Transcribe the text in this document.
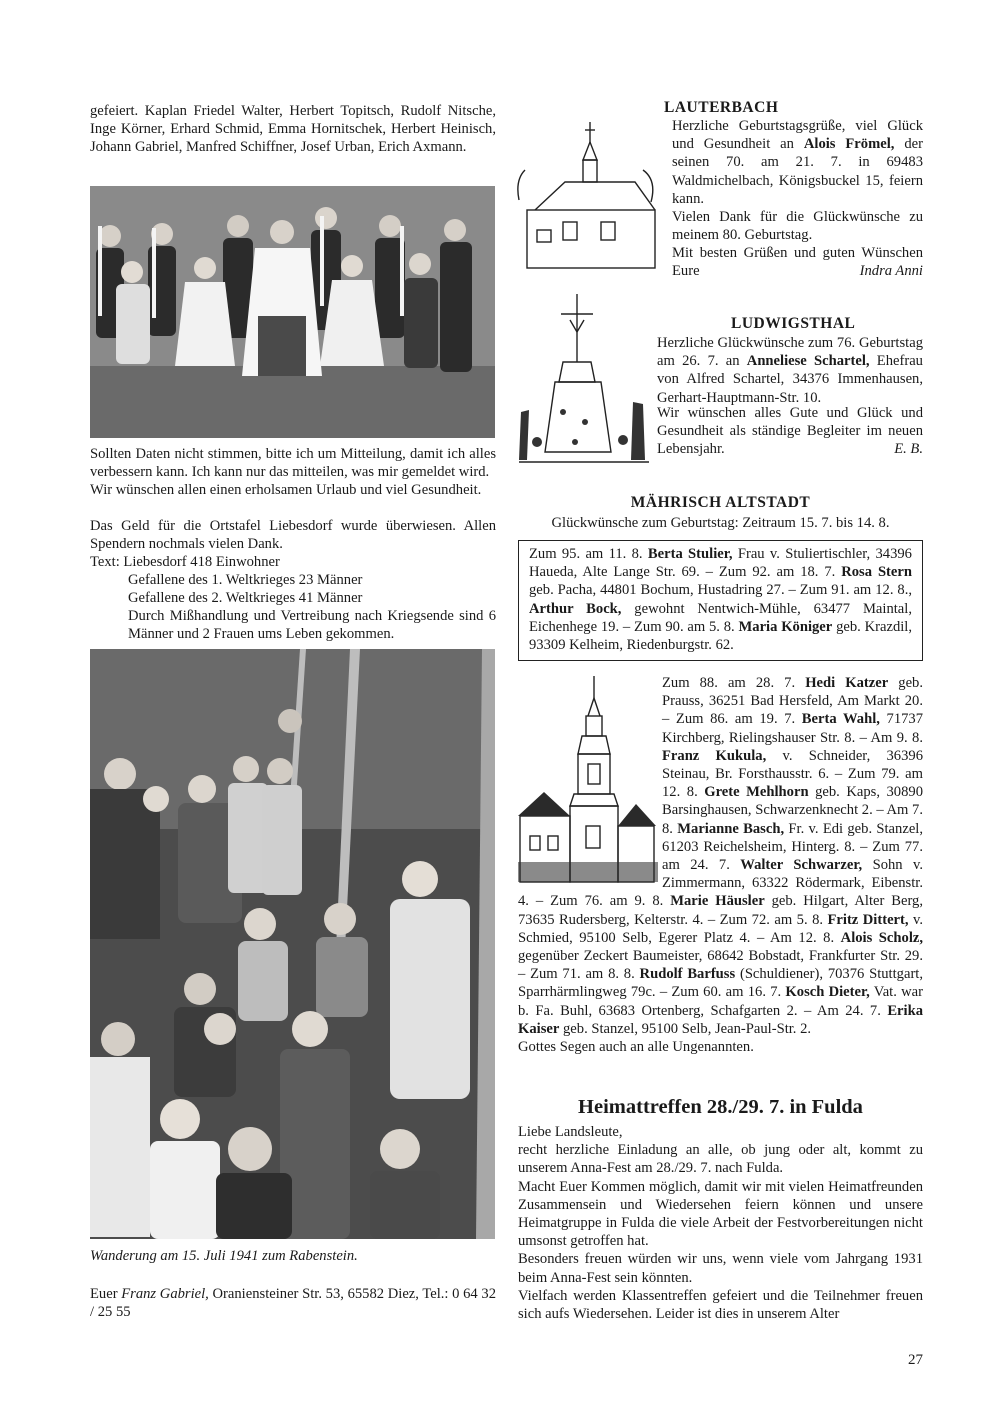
gefeiert. Kaplan Friedel Walter, Herbert Topitsch, Rudolf Nitsche, Inge Körner, Erhard Schmid, Emma Hornitschek, Herbert Heinisch, Johann Gabriel, Manfred Schiffner, Josef Urban, Erich Axmann.
Sollten Daten nicht stimmen, bitte ich um Mitteilung, damit ich alles verbessern kann. Ich kann nur das mitteilen, was mir gemeldet wird.
Wir wünschen allen einen erholsamen Urlaub und viel Gesundheit.
Das Geld für die Ortstafel Liebesdorf wurde überwiesen. Allen Spendern nochmals vielen Dank.
Text: Liebesdorf 418 Einwohner
Gefallene des 1. Weltkrieges 23 Männer
Gefallene des 2. Weltkrieges 41 Männer
Durch Mißhandlung und Vertreibung nach Kriegsende sind 6 Männer und 2 Frauen ums Leben gekommen.
Wanderung am 15. Juli 1941 zum Rabenstein.
Euer Franz Gabriel, Oraniensteiner Str. 53, 65582 Diez, Tel.: 0 64 32 / 25 55
LAUTERBACH
Herzliche Geburtstagsgrüße, viel Glück und Gesundheit an Alois Frömel, der seinen 70. am 21. 7. in 69483 Waldmichelbach, Königsbuckel 15, feiern kann.
Vielen Dank für die Glückwünsche zu meinem 80. Geburtstag.
Mit besten Grüßen und guten Wünschen Eure	Indra Anni
LUDWIGSTHAL
Herzliche Glückwünsche zum 76. Geburtstag am 26. 7. an Anneliese Schartel, Ehefrau von Alfred Schartel, 34376 Immenhausen, Gerhart-Hauptmann-Str. 10.
Wir wünschen alles Gute und Glück und Gesundheit als ständige Begleiter im neuen Lebensjahr.	E. B.
MÄHRISCH ALTSTADT
Glückwünsche zum Geburtstag: Zeitraum 15. 7. bis 14. 8.
Zum 95. am 11. 8. Berta Stulier, Frau v. Stuliertischler, 34396 Haueda, Alte Lange Str. 69. – Zum 92. am 18. 7. Rosa Stern geb. Pacha, 44801 Bochum, Hustadring 27. – Zum 91. am 12. 8., Arthur Bock, gewohnt Nentwich-Mühle, 63477 Maintal, Eichenhege 19. – Zum 90. am 5. 8. Maria Königer geb. Krazdil, 93309 Kelheim, Riedenburgstr. 62.
Zum 88. am 28. 7. Hedi Katzer geb. Prauss, 36251 Bad Hersfeld, Am Markt 20. – Zum 86. am 19. 7. Berta Wahl, 71737 Kirchberg, Rielingshauser Str. 8. – Am 9. 8. Franz Kukula, v. Schneider, 36396 Steinau, Br. Forsthausstr. 6. – Zum 79. am 12. 8. Grete Mehlhorn geb. Kaps, 30890 Barsinghausen, Schwarzenknecht 2. – Am 7. 8. Marianne Basch, Fr. v. Edi geb. Stanzel, 61203 Reichelsheim, Hinterg. 8. – Zum 77. am 24. 7. Walter Schwarzer, Sohn v. Zimmermann, 63322 Rödermark, Eibenstr. 4. – Zum 76. am 9. 8. Marie Häusler geb. Hilgart, Alter Berg, 73635 Rudersberg, Kelterstr. 4. – Zum 72. am 5. 8. Fritz Dittert, v. Schmied, 95100 Selb, Egerer Platz 4. – Am 12. 8. Alois Scholz, gegenüber Zeckert Baumeister, 68642 Bobstadt, Frankfurter Str. 29. – Zum 71. am 8. 8. Rudolf Barfuss (Schuldiener), 70376 Stuttgart, Sparrhärmlingweg 79c. – Zum 60. am 16. 7. Kosch Dieter, Vat. war b. Fa. Buhl, 63683 Ortenberg, Schafgarten 2. – Am 24. 7. Erika Kaiser geb. Stanzel, 95100 Selb, Jean-Paul-Str. 2.
Gottes Segen auch an alle Ungenannten.
Heimattreffen 28./29. 7. in Fulda

Liebe Landsleute,

recht herzliche Einladung an alle, ob jung oder alt, kommt zu unserem Anna-Fest am 28./29. 7. nach Fulda.

Macht Euer Kommen möglich, damit wir mit vielen Heimatfreunden Zusammensein und Wiedersehen feiern können und unsere Heimatgruppe in Fulda die viele Arbeit der Festvorbereitungen nicht umsonst getroffen hat.

Besonders freuen würden wir uns, wenn viele vom Jahrgang 1931 beim Anna-Fest sein könnten.

Vielfach werden Klassentreffen gefeiert und die Teilnehmer freuen sich aufs Wiedersehen. Leider ist dies in unserem Alter

27
